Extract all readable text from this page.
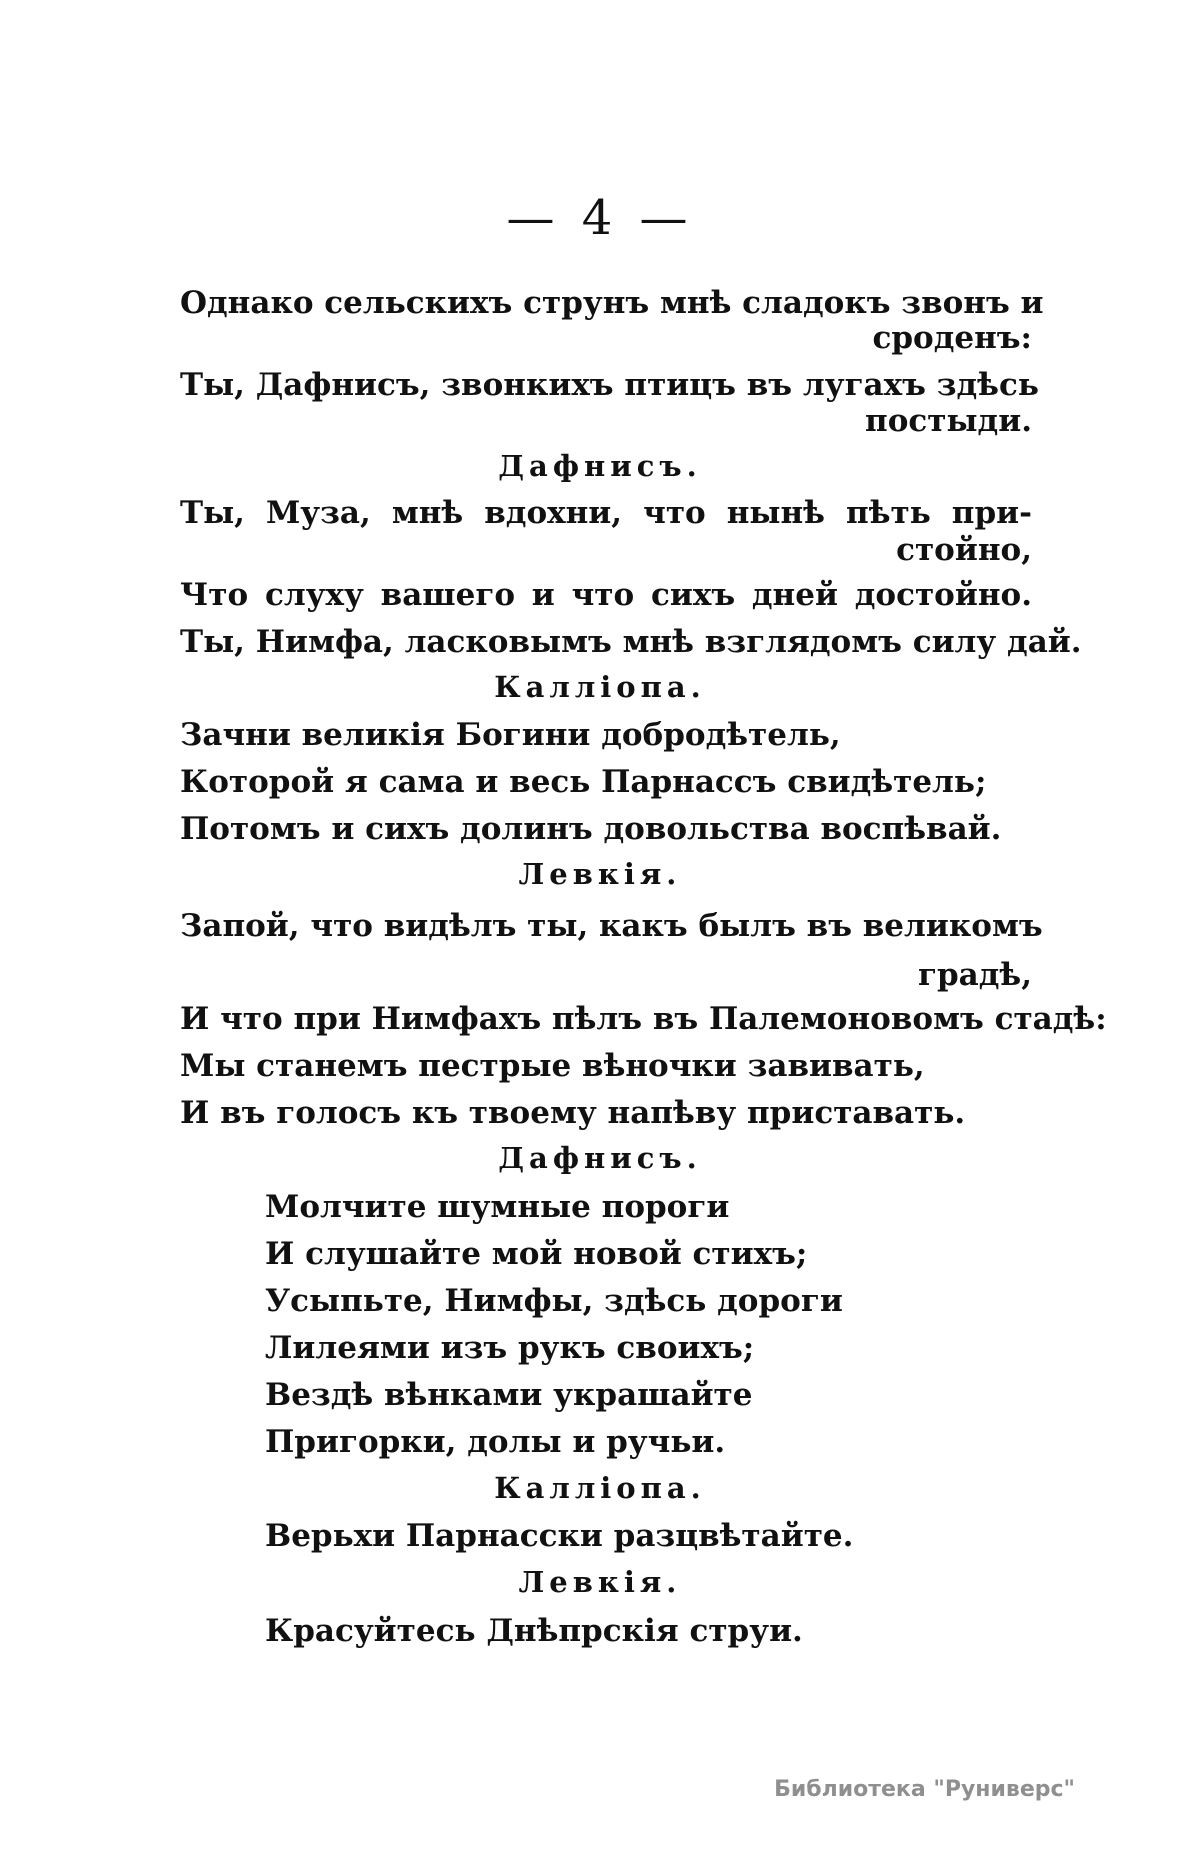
— 4 —
Однако сельскихъ струнъ мнѣ сладокъ звонъ и
сроденъ:
Ты, Дафнисъ, звонкихъ птицъ въ лугахъ здѣсь
постыди.
Дафнисъ.
Ты, Муза, мнѣ вдохни, что нынѣ пѣть при-
стойно,
Что слуху вашего и что сихъ дней достойно.
Ты, Нимфа, ласковымъ мнѣ взглядомъ силу дай.
Каллiопа.
Зачни великiя Богини добродѣтель,
Которой я сама и весь Парнассъ свидѣтель;
Потомъ и сихъ долинъ довольства воспѣвай.
Левкiя.
Запой, что видѣлъ ты, какъ былъ въ великомъ
градѣ,
И что при Нимфахъ пѣлъ въ Палемоновомъ стадѣ:
Мы станемъ пестрые вѣночки завивать,
И въ голосъ къ твоему напѣву приставать.
Дафнисъ.
Молчите шумные пороги
И слушайте мой новой стихъ;
Усыпьте, Нимфы, здѣсь дороги
Лилеями изъ рукъ своихъ;
Вездѣ вѣнками украшайте
Пригорки, долы и ручьи.
Каллiопа.
Верьхи Парнасски разцвѣтайте.
Левкiя.
Красуйтесь Днѣпрскiя струи.
Библиотека "Руниверс"
